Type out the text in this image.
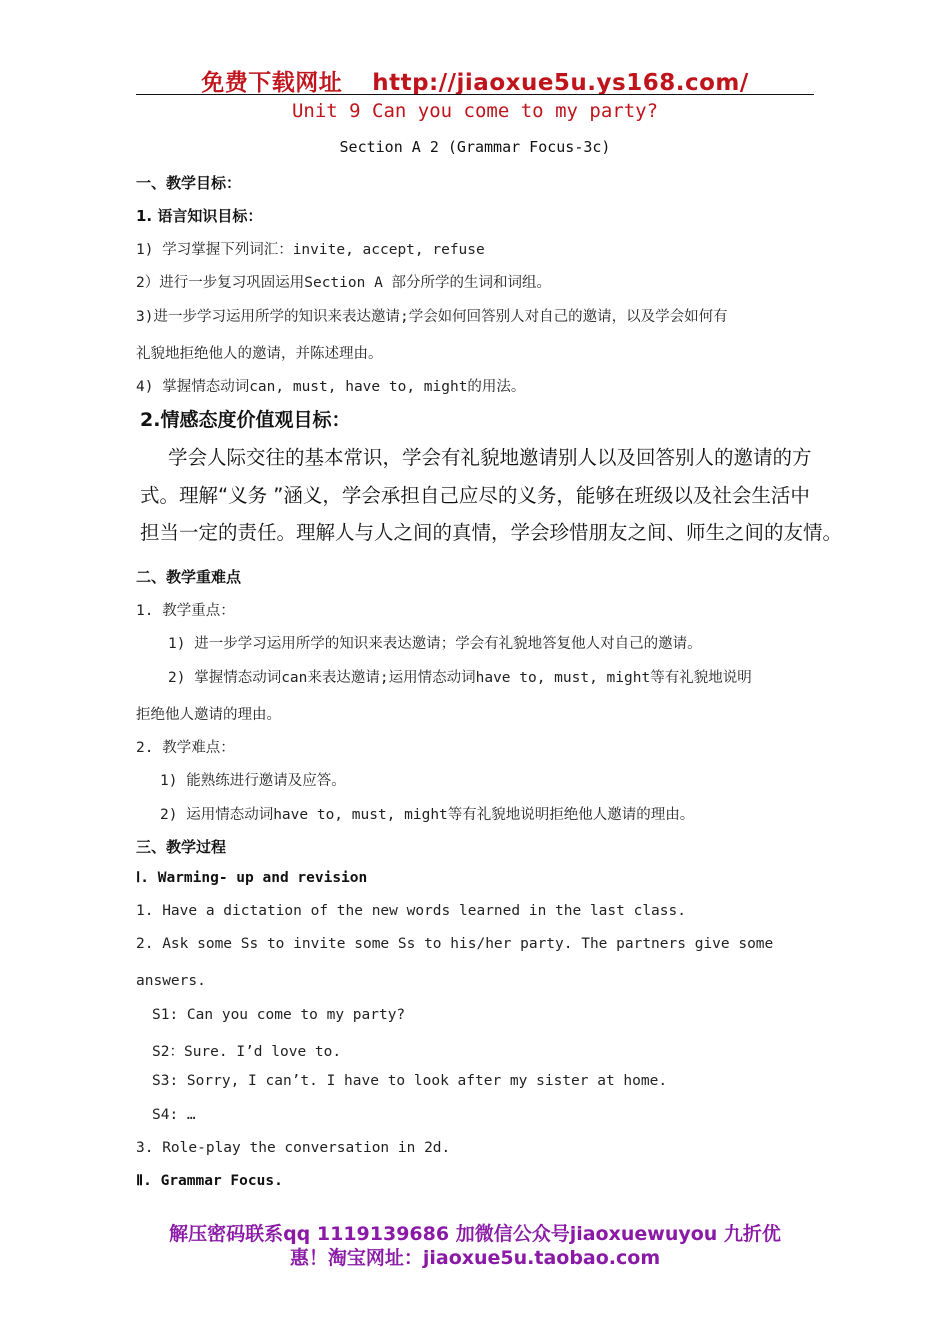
免费下载网址 http://jiaoxue5u.ys168.com/
Unit 9 Can you come to my party?
Section A 2 (Grammar Focus-3c)
一、教学目标：
1. 语言知识目标：
1) 学习掌握下列词汇：invite, accept, refuse
2）进行一步复习巩固运用Section A 部分所学的生词和词组。
3)进一步学习运用所学的知识来表达邀请;学会如何回答别人对自己的邀请，以及学会如何有
礼貌地拒绝他人的邀请，并陈述理由。
4) 掌握情态动词can, must, have to, might的用法。
2.情感态度价值观目标：
学会人际交往的基本常识，学会有礼貌地邀请别人以及回答别人的邀请的方
式。理解“义务 ”涵义，学会承担自己应尽的义务，能够在班级以及社会生活中
担当一定的责任。理解人与人之间的真情，学会珍惜朋友之间、师生之间的友情。
二、教学重难点
1. 教学重点：
1) 进一步学习运用所学的知识来表达邀请；学会有礼貌地答复他人对自己的邀请。
2) 掌握情态动词can来表达邀请;运用情态动词have to, must, might等有礼貌地说明
拒绝他人邀请的理由。
2. 教学难点：
1) 能熟练进行邀请及应答。
2) 运用情态动词have to, must, might等有礼貌地说明拒绝他人邀请的理由。
三、教学过程
Ⅰ. Warming- up and revision
1. Have a dictation of the new words learned in the last class.
2. Ask some Ss to invite some Ss to his/her party. The partners give some
answers.
S1: Can you come to my party?
S2：Sure. I’d love to.
S3: Sorry, I can’t. I have to look after my sister at home.
S4: …
3. Role-play the conversation in 2d.
Ⅱ. Grammar Focus.
解压密码联系qq 1119139686 加微信公众号jiaoxuewuyou 九折优
惠！淘宝网址：jiaoxue5u.taobao.com
